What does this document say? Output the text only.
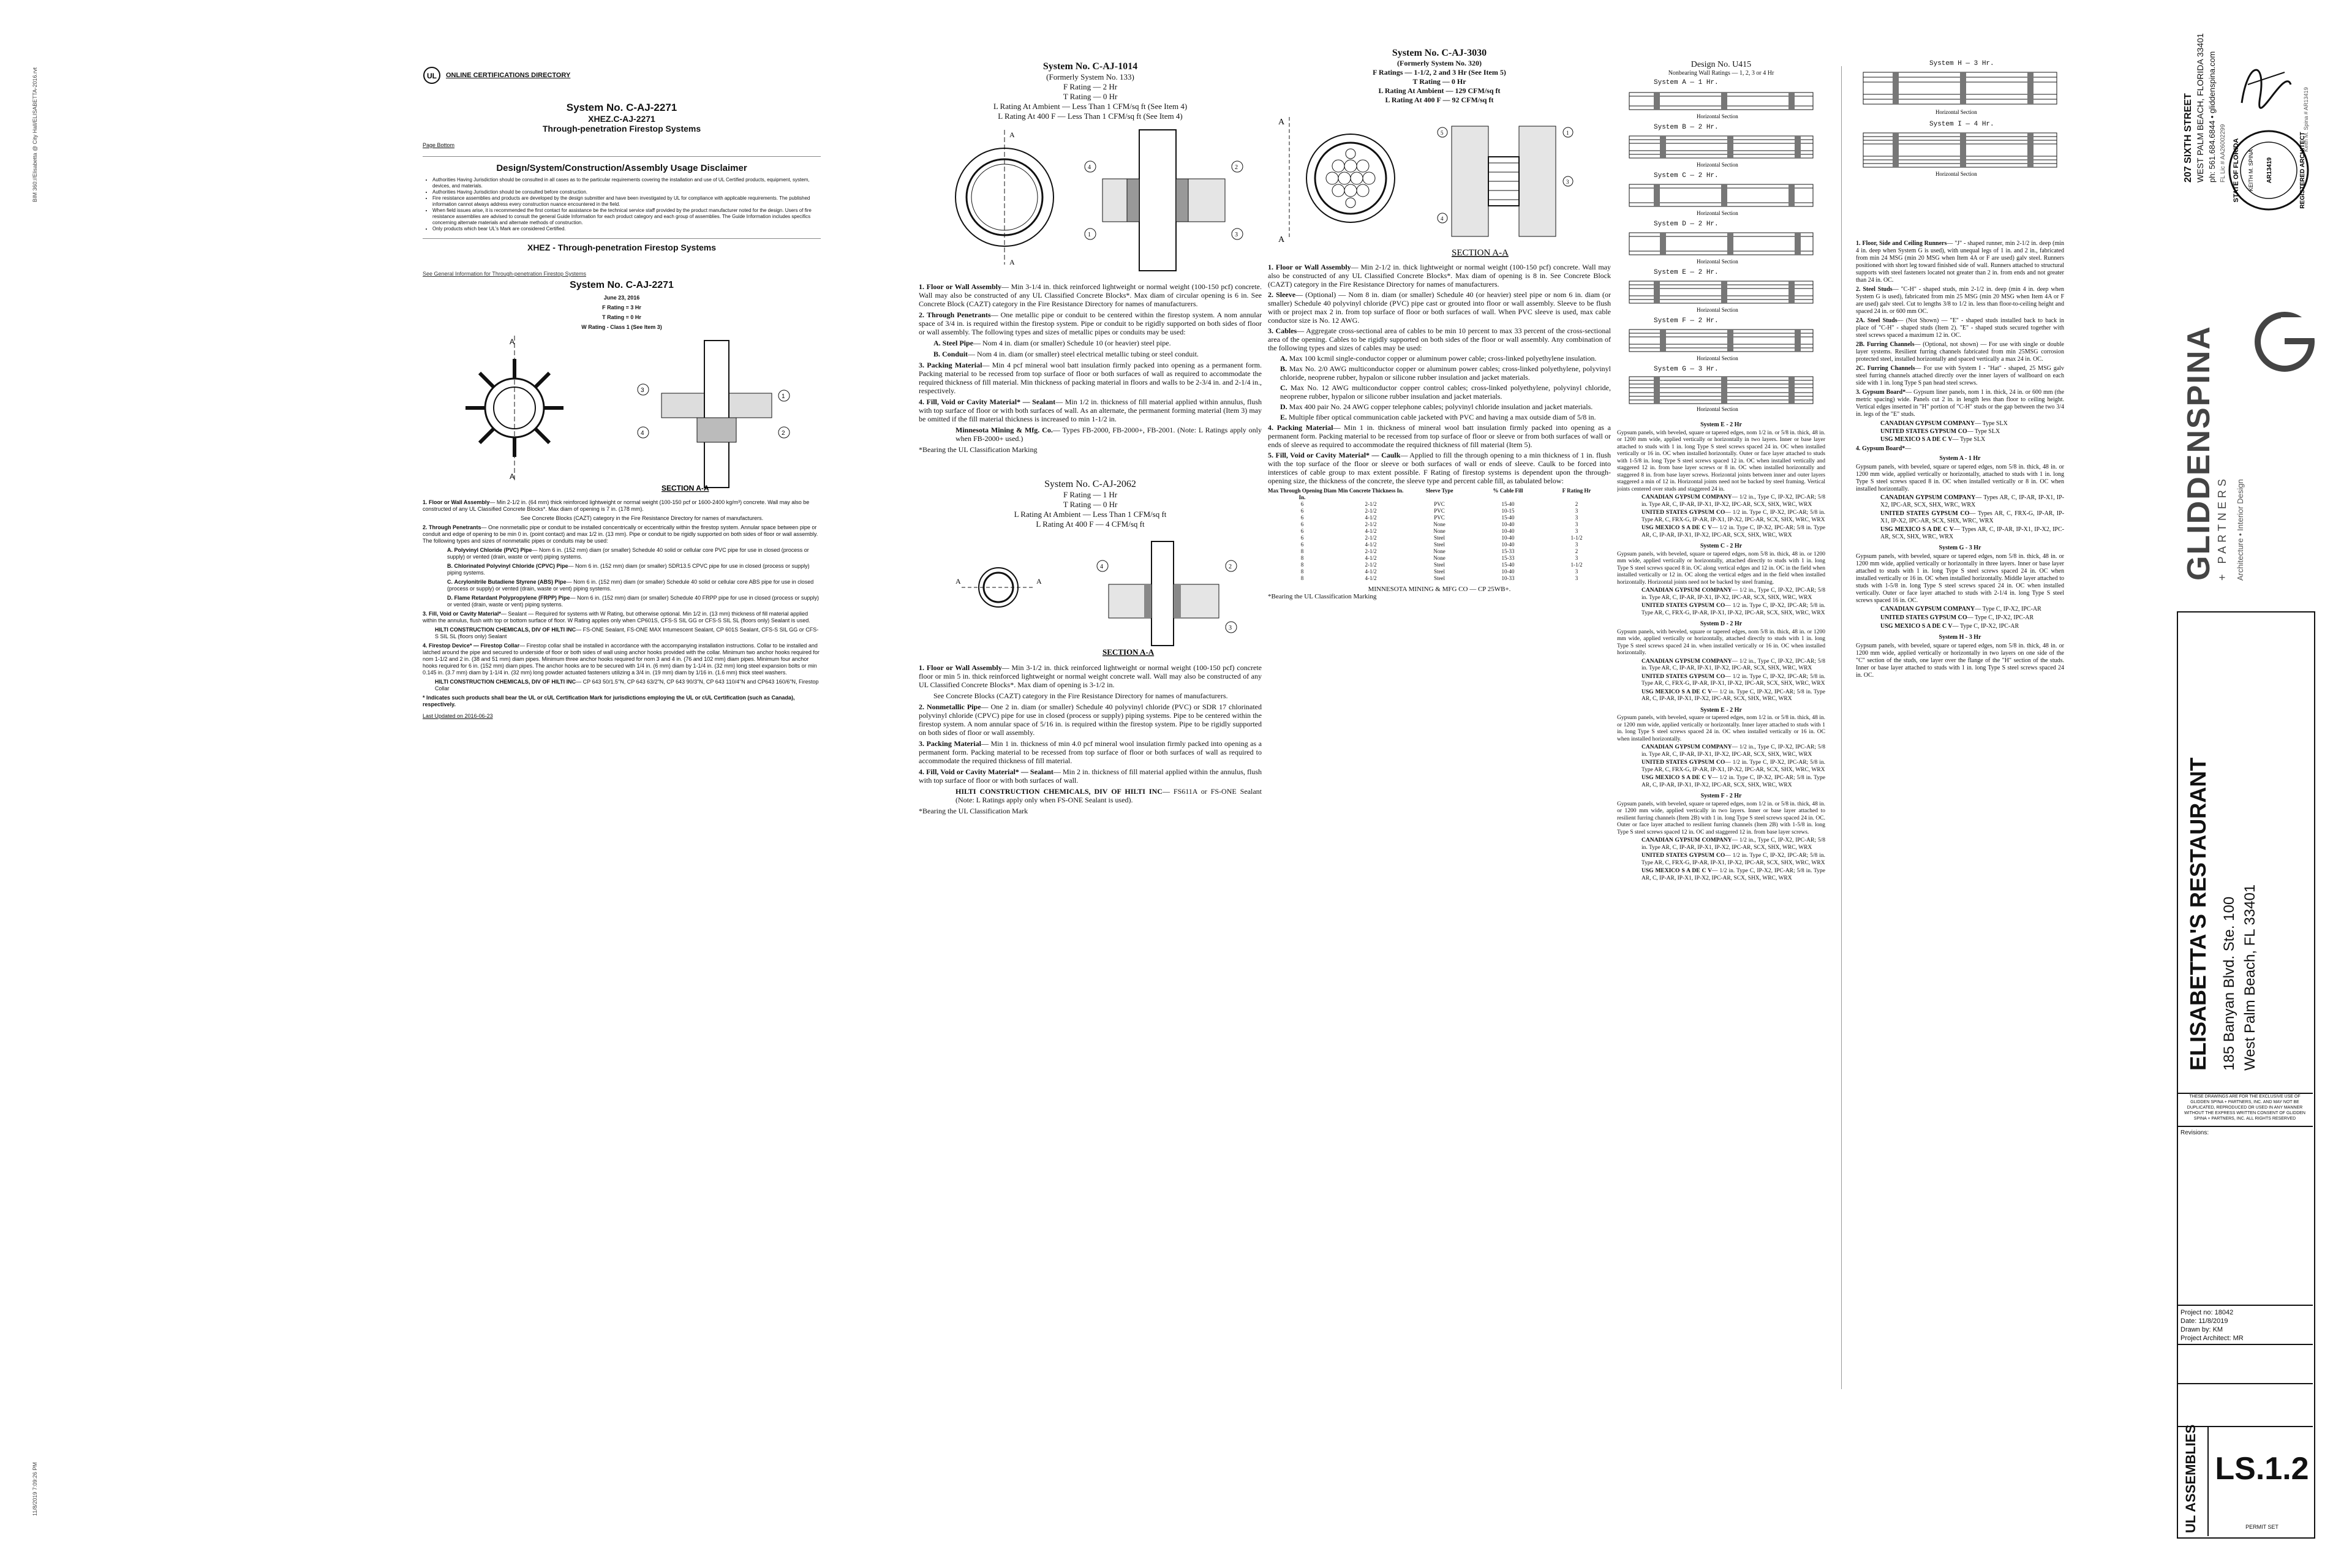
BIM 360://Elisabetta @ City Hall/ELISABETTA-2016.rvt
11/8/2019 7:09:26 PM
UL ONLINE CERTIFICATIONS DIRECTORY
System No. C-AJ-2271
XHEZ.C-AJ-2271
Through-penetration Firestop Systems
Page Bottom
Design/System/Construction/Assembly Usage Disclaimer
• Authorities Having Jurisdiction should be consulted in all cases as to the particular requirements covering the installation and use of UL Certified products, equipment, system, devices, and materials.
• Authorities Having Jurisdiction should be consulted before construction.
• Fire resistance assemblies and products are developed by the design submitter and have been investigated by UL for compliance with applicable requirements. The published information cannot always address every construction nuance encountered in the field.
• When field issues arise, it is recommended the first contact for assistance be the technical service staff provided by the product manufacturer noted for the design. Users of fire resistance assemblies are advised to consult the general Guide Information for each product category and each group of assemblies. The Guide Information includes specifics concerning alternate materials and alternate methods of construction.
• Only products which bear UL's Mark are considered Certified.
XHEZ - Through-penetration Firestop Systems
See General Information for Through-penetration Firestop Systems
System No. C-AJ-2271
June 23, 2016
F Rating = 3 Hr
T Rating = 0 Hr
W Rating - Class 1 (See Item 3)
A
A
3
1
4	2
SECTION A-A

1. Floor or Wall Assembly— Min 2-1/2 in. (64 mm) thick reinforced lightweight or normal weight (100-150 pcf or 1600-2400 kg/m³) concrete. Wall may also be constructed of any UL Classified Concrete Blocks*. Max diam of opening is 7 in. (178 mm).

See Concrete Blocks (CAZT) category in the Fire Resistance Directory for names of manufacturers.

2. Through Penetrants— One nonmetallic pipe or conduit to be installed concentrically or eccentrically within the firestop system. Annular space between pipe or conduit and edge of opening to be min 0 in. (point contact) and max 1/2 in. (13 mm). Pipe or conduit to be rigidly supported on both sides of floor or wall assembly. The following types and sizes of nonmetallic pipes or conduits may be used:

A. Polyvinyl Chloride (PVC) Pipe— Nom 6 in. (152 mm) diam (or smaller) Schedule 40 solid or cellular core PVC pipe for use in closed (process or supply) or vented (drain, waste or vent) piping systems.

B. Chlorinated Polyvinyl Chloride (CPVC) Pipe— Nom 6 in. (152 mm) diam (or smaller) SDR13.5 CPVC pipe for use in closed (process or supply) piping systems.

C. Acrylonitrile Butadiene Styrene (ABS) Pipe— Nom 6 in. (152 mm) diam (or smaller) Schedule 40 solid or cellular core ABS pipe for use in closed (process or supply) or vented (drain, waste or vent) piping systems.

D. Flame Retardant Polypropylene (FRPP) Pipe— Nom 6 in. (152 mm) diam (or smaller) Schedule 40 FRPP pipe for use in closed (process or supply) or vented (drain, waste or vent) piping systems.

3. Fill, Void or Cavity Material*— Sealant — Required for systems with W Rating, but otherwise optional. Min 1/2 in. (13 mm) thickness of fill material applied within the annulus, flush with top or bottom surface of floor. W Rating applies only when CP601S, CFS-S SIL GG or CFS-S SIL SL (floors only) Sealant is used.

HILTI CONSTRUCTION CHEMICALS, DIV OF HILTI INC— FS-ONE Sealant, FS-ONE MAX Intumescent Sealant, CP 601S Sealant, CFS-S SIL GG or CFS-S SIL SL (floors only) Sealant

4. Firestop Device* — Firestop Collar— Firestop collar shall be installed in accordance with the accompanying installation instructions. Collar to be installed and latched around the pipe and secured to underside of floor or both sides of wall using anchor hooks provided with the collar. Minimum two anchor hooks required for nom 1-1/2 and 2 in. (38 and 51 mm) diam pipes. Minimum three anchor hooks required for nom 3 and 4 in. (76 and 102 mm) diam pipes. Minimum four anchor hooks required for 6 in. (152 mm) diam pipes. The anchor hooks are to be secured with 1/4 in. (6 mm) diam by 1-1/4 in. (32 mm) long steel expansion bolts or min 0.145 in. (3.7 mm) diam by 1-1/4 in. (32 mm) long powder actuated fasteners utilizing a 3/4 in. (19 mm) diam by 1/16 in. (1.6 mm) thick steel washers.

HILTI CONSTRUCTION CHEMICALS, DIV OF HILTI INC— CP 643 50/1.5"N, CP 643 63/2"N, CP 643 90/3"N, CP 643 110/4"N and CP643 160/6"N, Firestop Collar

* Indicates such products shall bear the UL or cUL Certification Mark for jurisdictions employing the UL or cUL Certification (such as Canada), respectively.

Last Updated on 2016-06-23
System No. C-AJ-1014
(Formerly System No. 133)
F Rating — 2 Hr
T Rating — 0 Hr
L Rating At Ambient — Less Than 1 CFM/sq ft (See Item 4)
L Rating At 400 F — Less Than 1 CFM/sq ft (See Item 4)
A
A
4	2
1	3

1. Floor or Wall Assembly— Min 3-1/4 in. thick reinforced lightweight or normal weight (100-150 pcf) concrete. Wall may also be constructed of any UL Classified Concrete Blocks*. Max diam of circular opening is 6 in. See Concrete Block (CAZT) category in the Fire Resistance Directory for names of manufacturers.

2. Through Penetrants— One metallic pipe or conduit to be centered within the firestop system. A nom annular space of 3/4 in. is required within the firestop system. Pipe or conduit to be rigidly supported on both sides of floor or wall assembly. The following types and sizes of metallic pipes or conduits may be used:

A. Steel Pipe— Nom 4 in. diam (or smaller) Schedule 10 (or heavier) steel pipe.

B. Conduit— Nom 4 in. diam (or smaller) steel electrical metallic tubing or steel conduit.

3. Packing Material— Min 4 pcf mineral wool batt insulation firmly packed into opening as a permanent form. Packing material to be recessed from top surface of floor or both surfaces of wall as required to accommodate the required thickness of fill material. Min thickness of packing material in floors and walls to be 2-3/4 in. and 2-1/4 in., respectively.

4. Fill, Void or Cavity Material* — Sealant— Min 1/2 in. thickness of fill material applied within annulus, flush with top surface of floor or with both surfaces of wall. As an alternate, the permanent forming material (Item 3) may be omitted if the fill material thickness is increased to min 1-1/2 in.

Minnesota Mining & Mfg. Co.— Types FB-2000, FB-2000+, FB-2001. (Note: L Ratings apply only when FB-2000+ used.)

*Bearing the UL Classification Marking
System No. C-AJ-2062
F Rating — 1 Hr
T Rating — 0 Hr
L Rating At Ambient — Less Than 1 CFM/sq ft
L Rating At 400 F — 4 CFM/sq ft
A	A
4	2
3
SECTION A-A

1. Floor or Wall Assembly— Min 3-1/2 in. thick reinforced lightweight or normal weight (100-150 pcf) concrete floor or min 5 in. thick reinforced lightweight or normal weight concrete wall. Wall may also be constructed of any UL Classified Concrete Blocks*. Max diam of opening is 3-1/2 in.

See Concrete Blocks (CAZT) category in the Fire Resistance Directory for names of manufacturers.

2. Nonmetallic Pipe— One 2 in. diam (or smaller) Schedule 40 polyvinyl chloride (PVC) or SDR 17 chlorinated polyvinyl chloride (CPVC) pipe for use in closed (process or supply) piping systems. Pipe to be centered within the firestop system. A nom annular space of 5/16 in. is required within the firestop system. Pipe to be rigidly supported on both sides of floor or wall assembly.

3. Packing Material— Min 1 in. thickness of min 4.0 pcf mineral wool insulation firmly packed into opening as a permanent form. Packing material to be recessed from top surface of floor or both surfaces of wall as required to accommodate the required thickness of fill material.

4. Fill, Void or Cavity Material* — Sealant— Min 2 in. thickness of fill material applied within the annulus, flush with top surface of floor or with both surfaces of wall.

HILTI CONSTRUCTION CHEMICALS, DIV OF HILTI INC— FS611A or FS-ONE Sealant (Note: L Ratings apply only when FS-ONE Sealant is used).

*Bearing the UL Classification Mark
System No. C-AJ-3030
(Formerly System No. 320)
F Ratings — 1-1/2, 2 and 3 Hr (See Item 5)
T Rating — 0 Hr
L Rating At Ambient — 129 CFM/sq ft
L Rating At 400 F — 92 CFM/sq ft
A
A
5	1
3
4
SECTION A-A

1. Floor or Wall Assembly— Min 2-1/2 in. thick lightweight or normal weight (100-150 pcf) concrete. Wall may also be constructed of any UL Classified Concrete Blocks*. Max diam of opening is 8 in. See Concrete Block (CAZT) category in the Fire Resistance Directory for names of manufacturers.

2. Sleeve— (Optional) — Nom 8 in. diam (or smaller) Schedule 40 (or heavier) steel pipe or nom 6 in. diam (or smaller) Schedule 40 polyvinyl chloride (PVC) pipe cast or grouted into floor or wall assembly. Sleeve to be flush with or project max 2 in. from top surface of floor or both surfaces of wall. When PVC sleeve is used, max cable conductor size is No. 12 AWG.

3. Cables— Aggregate cross-sectional area of cables to be min 10 percent to max 33 percent of the cross-sectional area of the opening. Cables to be rigidly supported on both sides of the floor or wall assembly. Any combination of the following types and sizes of cables may be used:

A. Max 100 kcmil single-conductor copper or aluminum power cable; cross-linked polyethylene insulation.

B. Max No. 2/0 AWG multiconductor copper or aluminum power cables; cross-linked polyethylene, polyvinyl chloride, neoprene rubber, hypalon or silicone rubber insulation and jacket materials.

C. Max No. 12 AWG multiconductor copper control cables; cross-linked polyethylene, polyvinyl chloride, neoprene rubber, hypalon or silicone rubber insulation and jacket materials.

D. Max 400 pair No. 24 AWG copper telephone cables; polyvinyl chloride insulation and jacket materials.

E. Multiple fiber optical communication cable jacketed with PVC and having a max outside diam of 5/8 in.

4. Packing Material— Min 1 in. thickness of mineral wool batt insulation firmly packed into opening as a permanent form. Packing material to be recessed from top surface of floor or sleeve or from both surfaces of wall or ends of sleeve as required to accommodate the required thickness of fill material (Item 5).

5. Fill, Void or Cavity Material* — Caulk— Applied to fill the through opening to a min thickness of 1 in. flush with the top surface of the floor or sleeve or both surfaces of wall or ends of sleeve. Caulk to be forced into interstices of cable group to max extent possible. F Rating of firestop systems is dependent upon the through-opening size, the thickness of the concrete, the sleeve type and percent cable fill, as tabulated below:

Max Through Opening Diam In.
Min Concrete Thickness In.	Sleeve Type	% Cable Fill	F Rating Hr
6	2-1/2	PVC	15-40	2
6	2-1/2	PVC	10-15	3
6	4-1/2	PVC	15-40	3
6	2-1/2	None	10-40	3
6	4-1/2	None	10-40	3
6	2-1/2	Steel	10-40	1-1/2
6	4-1/2	Steel	10-40	3
8	2-1/2	None	15-33	2
8	4-1/2	None	15-33	3
8	2-1/2	Steel	15-40	1-1/2
8	4-1/2	Steel	10-40	3
8	4-1/2	Steel	10-33	3
MINNESOTA MINING & MFG CO — CP 25WB+.
*Bearing the UL Classification Marking
Design No. U415
Nonbearing Wall Ratings — 1, 2, 3 or 4 Hr
System A — 1 Hr.
Horizontal Section
System B — 2 Hr.
Horizontal Section
System C — 2 Hr.
Horizontal Section
System D — 2 Hr.
Horizontal Section
System E — 2 Hr.
Horizontal Section
System F — 2 Hr.
Horizontal Section
System G — 3 Hr.
Horizontal Section
System E - 2 Hr

Gypsum panels, with beveled, square or tapered edges, nom 1/2 in. or 5/8 in. thick, 48 in. or 1200 mm wide, applied vertically or horizontally in two layers. Inner or base layer attached to studs with 1 in. long Type S steel screws spaced 24 in. OC when installed vertically or 16 in. OC when installed horizontally. Outer or face layer attached to studs with 1-5/8 in. long Type S steel screws spaced 12 in. OC when installed vertically and staggered 12 in. from base layer screws or 8 in. OC when installed horizontally and staggered 8 in. from base layer screws. Horizontal joints between inner and outer layers staggered a min of 12 in. Horizontal joints need not be backed by steel framing. Vertical joints centered over studs and staggered 24 in.

CANADIAN GYPSUM COMPANY— 1/2 in., Type C, IP-X2, IPC-AR; 5/8 in. Type AR, C, IP-AR, IP-X1, IP-X2, IPC-AR, SCX, SHX, WRC, WRX

UNITED STATES GYPSUM CO— 1/2 in. Type C, IP-X2, IPC-AR; 5/8 in. Type AR, C, FRX-G, IP-AR, IP-X1, IP-X2, IPC-AR, SCX, SHX, WRC, WRX

USG MEXICO S A DE C V— 1/2 in. Type C, IP-X2, IPC-AR; 5/8 in. Type AR, C, IP-AR, IP-X1, IP-X2, IPC-AR, SCX, SHX, WRC, WRX

System C - 2 Hr

Gypsum panels, with beveled, square or tapered edges, nom 5/8 in. thick, 48 in. or 1200 mm wide, applied vertically or horizontally, attached directly to studs with 1 in. long Type S steel screws spaced 8 in. OC along vertical edges and 12 in. OC in the field when installed vertically or 12 in. OC along the vertical edges and in the field when installed horizontally. Horizontal joints need not be backed by steel framing.

CANADIAN GYPSUM COMPANY— 1/2 in., Type C, IP-X2, IPC-AR; 5/8 in. Type AR, C, IP-AR, IP-X1, IP-X2, IPC-AR, SCX, SHX, WRC, WRX

UNITED STATES GYPSUM CO— 1/2 in. Type C, IP-X2, IPC-AR; 5/8 in. Type AR, C, FRX-G, IP-AR, IP-X1, IP-X2, IPC-AR, SCX, SHX, WRC, WRX

System D - 2 Hr

Gypsum panels, with beveled, square or tapered edges, nom 5/8 in. thick, 48 in. or 1200 mm wide, applied vertically or horizontally, attached directly to studs with 1 in. long Type S steel screws spaced 24 in. when installed vertically or 16 in. OC when installed horizontally.

CANADIAN GYPSUM COMPANY— 1/2 in., Type C, IP-X2, IPC-AR; 5/8 in. Type AR, C, IP-AR, IP-X1, IP-X2, IPC-AR, SCX, SHX, WRC, WRX

UNITED STATES GYPSUM CO— 1/2 in. Type C, IP-X2, IPC-AR; 5/8 in. Type AR, C, FRX-G, IP-AR, IP-X1, IP-X2, IPC-AR, SCX, SHX, WRC, WRX

USG MEXICO S A DE C V— 1/2 in. Type C, IP-X2, IPC-AR; 5/8 in. Type AR, C, IP-AR, IP-X1, IP-X2, IPC-AR, SCX, SHX, WRC, WRX

System E - 2 Hr

Gypsum panels, with beveled, square or tapered edges, nom 1/2 in. or 5/8 in. thick, 48 in. or 1200 mm wide, applied vertically or horizontally. Inner layer attached to studs with 1 in. long Type S steel screws spaced 24 in. OC when installed vertically or 16 in. OC when installed horizontally.

CANADIAN GYPSUM COMPANY— 1/2 in., Type C, IP-X2, IPC-AR; 5/8 in. Type AR, C, IP-AR, IP-X1, IP-X2, IPC-AR, SCX, SHX, WRC, WRX

UNITED STATES GYPSUM CO— 1/2 in. Type C, IP-X2, IPC-AR; 5/8 in. Type AR, C, FRX-G, IP-AR, IP-X1, IP-X2, IPC-AR, SCX, SHX, WRC, WRX

USG MEXICO S A DE C V— 1/2 in. Type C, IP-X2, IPC-AR; 5/8 in. Type AR, C, IP-AR, IP-X1, IP-X2, IPC-AR, SCX, SHX, WRC, WRX

System F - 2 Hr

Gypsum panels, with beveled, square or tapered edges, nom 1/2 in. or 5/8 in. thick, 48 in. or 1200 mm wide, applied vertically in two layers. Inner or base layer attached to resilient furring channels (Item 2B) with 1 in. long Type S steel screws spaced 24 in. OC. Outer or face layer attached to resilient furring channels (Item 2B) with 1-5/8 in. long Type S steel screws spaced 12 in. OC and staggered 12 in. from base layer screws.

CANADIAN GYPSUM COMPANY— 1/2 in., Type C, IP-X2, IPC-AR; 5/8 in. Type AR, C, IP-AR, IP-X1, IP-X2, IPC-AR, SCX, SHX, WRC, WRX

UNITED STATES GYPSUM CO— 1/2 in. Type C, IP-X2, IPC-AR; 5/8 in. Type AR, C, FRX-G, IP-AR, IP-X1, IP-X2, IPC-AR, SCX, SHX, WRC, WRX

USG MEXICO S A DE C V— 1/2 in. Type C, IP-X2, IPC-AR; 5/8 in. Type AR, C, IP-AR, IP-X1, IP-X2, IPC-AR, SCX, SHX, WRC, WRX

System H — 3 Hr.
Horizontal Section
System I — 4 Hr.
Horizontal Section

1. Floor, Side and Ceiling Runners— "J" - shaped runner, min 2-1/2 in. deep (min 4 in. deep when System G is used), with unequal legs of 1 in. and 2 in., fabricated from min 24 MSG (min 20 MSG when Item 4A or F are used) galv steel. Runners positioned with short leg toward finished side of wall. Runners attached to structural supports with steel fasteners located not greater than 2 in. from ends and not greater than 24 in. OC.

2. Steel Studs— "C-H" - shaped studs, min 2-1/2 in. deep (min 4 in. deep when System G is used), fabricated from min 25 MSG (min 20 MSG when Item 4A or F are used) galv steel. Cut to lengths 3/8 to 1/2 in. less than floor-to-ceiling height and spaced 24 in. or 600 mm OC.

2A. Steel Studs— (Not Shown) — "E" - shaped studs installed back to back in place of "C-H" - shaped studs (Item 2). "E" - shaped studs secured together with steel screws spaced a maximum 12 in. OC.

2B. Furring Channels— (Optional, not shown) — For use with single or double layer systems. Resilient furring channels fabricated from min 25MSG corrosion protected steel, installed horizontally and spaced vertically a max 24 in. OC.

2C. Furring Channels— For use with System I - "Hat" - shaped, 25 MSG galv steel furring channels attached directly over the inner layers of wallboard on each side with 1 in. long Type S pan head steel screws.

3. Gypsum Board*— Gypsum liner panels, nom 1 in. thick, 24 in. or 600 mm (the metric spacing) wide. Panels cut 2 in. in length less than floor to ceiling height. Vertical edges inserted in "H" portion of "C-H" studs or the gap between the two 3/4 in. legs of the "E" studs.

CANADIAN GYPSUM COMPANY— Type SLX

UNITED STATES GYPSUM CO— Type SLX

USG MEXICO S A DE C V— Type SLX

4. Gypsum Board*—

System A - 1 Hr

Gypsum panels, with beveled, square or tapered edges, nom 5/8 in. thick, 48 in. or 1200 mm wide, applied vertically or horizontally, attached to studs with 1 in. long Type S steel screws spaced 8 in. OC when installed vertically or 8 in. OC when installed horizontally.

CANADIAN GYPSUM COMPANY— Types AR, C, IP-AR, IP-X1, IP-X2, IPC-AR, SCX, SHX, WRC, WRX

UNITED STATES GYPSUM CO— Types AR, C, FRX-G, IP-AR, IP-X1, IP-X2, IPC-AR, SCX, SHX, WRC, WRX

USG MEXICO S A DE C V— Types AR, C, IP-AR, IP-X1, IP-X2, IPC-AR, SCX, SHX, WRC, WRX

System G - 3 Hr

Gypsum panels, with beveled, square or tapered edges, nom 5/8 in. thick, 48 in. or 1200 mm wide, applied vertically or horizontally in three layers. Inner or base layer attached to studs with 1 in. long Type S steel screws spaced 24 in. OC when installed vertically or 16 in. OC when installed horizontally. Middle layer attached to studs with 1-5/8 in. long Type S steel screws spaced 24 in. OC when installed vertically. Outer or face layer attached to studs with 2-1/4 in. long Type S steel screws spaced 16 in. OC.

CANADIAN GYPSUM COMPANY— Type C, IP-X2, IPC-AR

UNITED STATES GYPSUM CO— Type C, IP-X2, IPC-AR

USG MEXICO S A DE C V— Type C, IP-X2, IPC-AR

System H - 3 Hr

Gypsum panels, with beveled, square or tapered edges, nom 5/8 in. thick, 48 in. or 1200 mm wide, applied vertically or horizontally in two layers on one side of the "C" section of the studs, one layer over the flange of the "H" section of the studs. Inner or base layer attached to studs with 1 in. long Type S steel screws spaced 24 in. OC.

207 SIXTH STREET WEST PALM BEACH, FLORIDA 33401 ph: 561.684.6844 • gliddenspina.com FL Lic # AA26002299
Keith M. Spina # AR13419
STATE OF FLORIDA KEITH M. SPINA AR13419	REGISTERED ARCHITECT
GLIDDENSPINA + PARTNERS Architecture • Interior Design
ELISABETTA'S RESTAURANT 185 Banyan Blvd. Ste. 100 West Palm Beach, FL 33401
THESE DRAWINGS ARE FOR THE EXCLUSIVE USE OF GLIDDEN SPINA + PARTNERS, INC. AND MAY NOT BE DUPLICATED, REPRODUCED OR USED IN ANY MANNER WITHOUT THE EXPRESS WRITTEN CONSENT OF GLIDDEN SPINA + PARTNERS, INC. ALL RIGHTS RESERVED
Revisions:
Project no: 18042
Date: 11/8/2019
Drawn by: KM
Project Architect: MR
UL ASSEMBLIES LS.1.2
PERMIT SET
